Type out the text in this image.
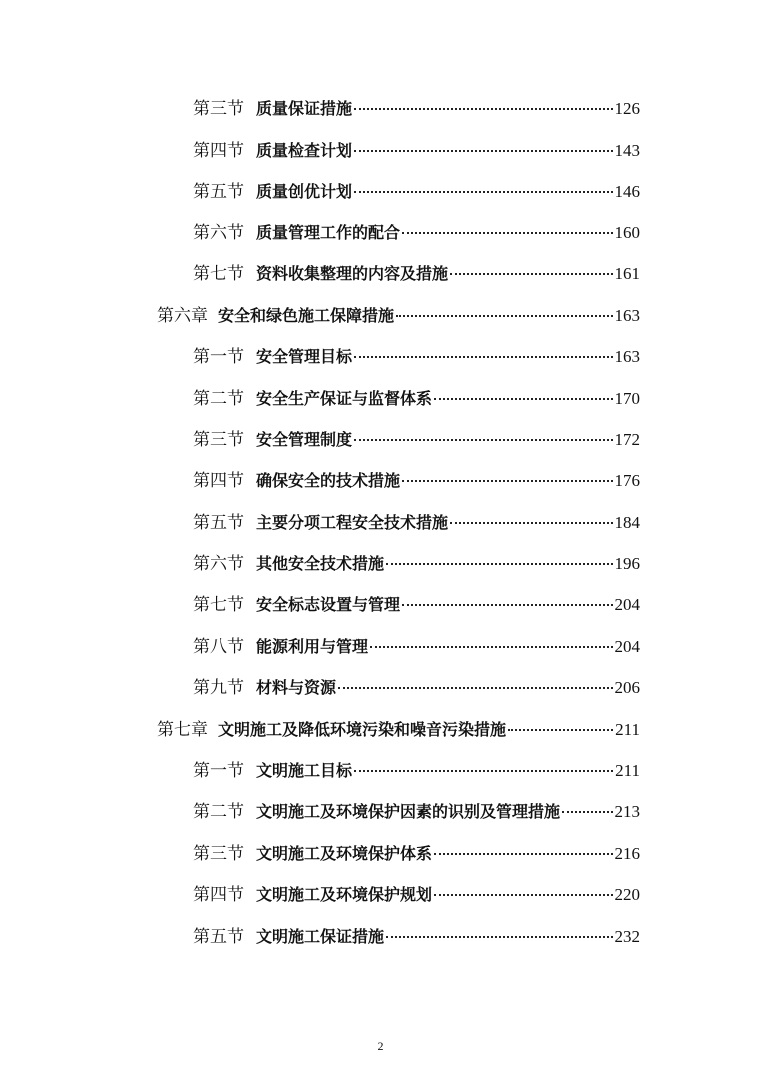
第三节 质量保证措施	126
第四节 质量检查计划	143
第五节 质量创优计划	146
第六节 质量管理工作的配合	160
第七节 资料收集整理的内容及措施	161
第六章 安全和绿色施工保障措施	163
第一节 安全管理目标	163
第二节 安全生产保证与监督体系	170
第三节 安全管理制度	172
第四节 确保安全的技术措施	176
第五节 主要分项工程安全技术措施	184
第六节 其他安全技术措施	196
第七节 安全标志设置与管理	204
第八节 能源利用与管理	204
第九节 材料与资源	206
第七章 文明施工及降低环境污染和噪音污染措施	211
第一节 文明施工目标	211
第二节 文明施工及环境保护因素的识别及管理措施	213
第三节 文明施工及环境保护体系	216
第四节 文明施工及环境保护规划	220
第五节 文明施工保证措施	232
2
